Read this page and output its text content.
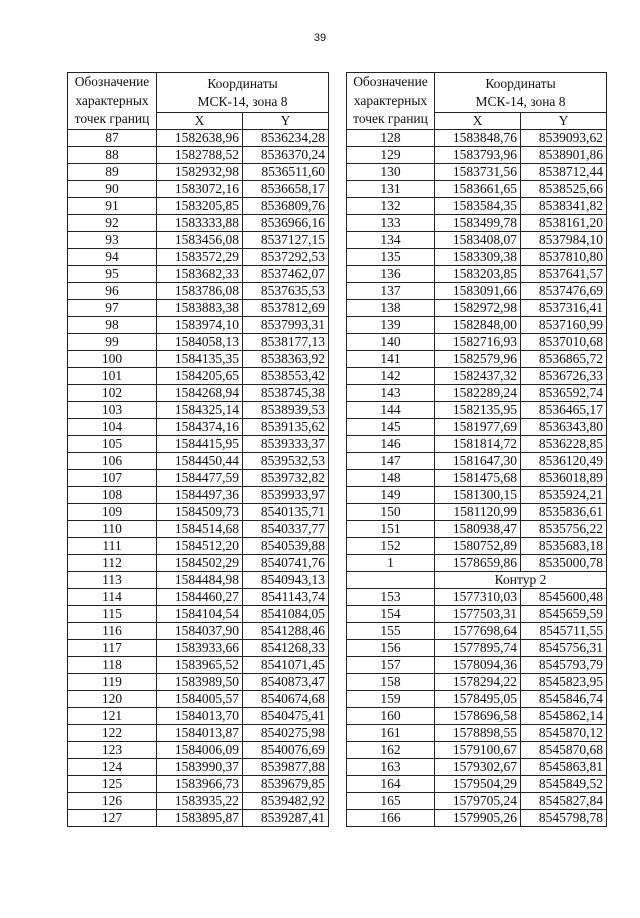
39
Обозначение
характерных
точек границ	Координаты
МСК-14, зона 8	

	X	Y
87	1582638,96	8536234,28
88	1582788,52	8536370,24
89	1582932,98	8536511,60
90	1583072,16	8536658,17
91	1583205,85	8536809,76
92	1583333,88	8536966,16
93	1583456,08	8537127,15
94	1583572,29	8537292,53
95	1583682,33	8537462,07
96	1583786,08	8537635,53
97	1583883,38	8537812,69
98	1583974,10	8537993,31
99	1584058,13	8538177,13
100	1584135,35	8538363,92
101	1584205,65	8538553,42
102	1584268,94	8538745,38
103	1584325,14	8538939,53
104	1584374,16	8539135,62
105	1584415,95	8539333,37
106	1584450,44	8539532,53
107	1584477,59	8539732,82
108	1584497,36	8539933,97
109	1584509,73	8540135,71
110	1584514,68	8540337,77
111	1584512,20	8540539,88
112	1584502,29	8540741,76
113	1584484,98	8540943,13
114	1584460,27	8541143,74
115	1584104,54	8541084,05
116	1584037,90	8541288,46
117	1583933,66	8541268,33
118	1583965,52	8541071,45
119	1583989,50	8540873,47
120	1584005,57	8540674,68
121	1584013,70	8540475,41
122	1584013,87	8540275,98
123	1584006,09	8540076,69
124	1583990,37	8539877,88
125	1583966,73	8539679,85
126	1583935,22	8539482,92
127	1583895,87	8539287,41
Обозначение
характерных
точек границ	Координаты
МСК-14, зона 8	

	X	Y
128	1583848,76	8539093,62
129	1583793,96	8538901,86
130	1583731,56	8538712,44
131	1583661,65	8538525,66
132	1583584,35	8538341,82
133	1583499,78	8538161,20
134	1583408,07	8537984,10
135	1583309,38	8537810,80
136	1583203,85	8537641,57
137	1583091,66	8537476,69
138	1582972,98	8537316,41
139	1582848,00	8537160,99
140	1582716,93	8537010,68
141	1582579,96	8536865,72
142	1582437,32	8536726,33
143	1582289,24	8536592,74
144	1582135,95	8536465,17
145	1581977,69	8536343,80
146	1581814,72	8536228,85
147	1581647,30	8536120,49
148	1581475,68	8536018,89
149	1581300,15	8535924,21
150	1581120,99	8535836,61
151	1580938,47	8535756,22
152	1580752,89	8535683,18
1	1578659,86	8535000,78
	Контур 2	
153	1577310,03	8545600,48
154	1577503,31	8545659,59
155	1577698,64	8545711,55
156	1577895,74	8545756,31
157	1578094,36	8545793,79
158	1578294,22	8545823,95
159	1578495,05	8545846,74
160	1578696,58	8545862,14
161	1578898,55	8545870,12
162	1579100,67	8545870,68
163	1579302,67	8545863,81
164	1579504,29	8545849,52
165	1579705,24	8545827,84
166	1579905,26	8545798,78
